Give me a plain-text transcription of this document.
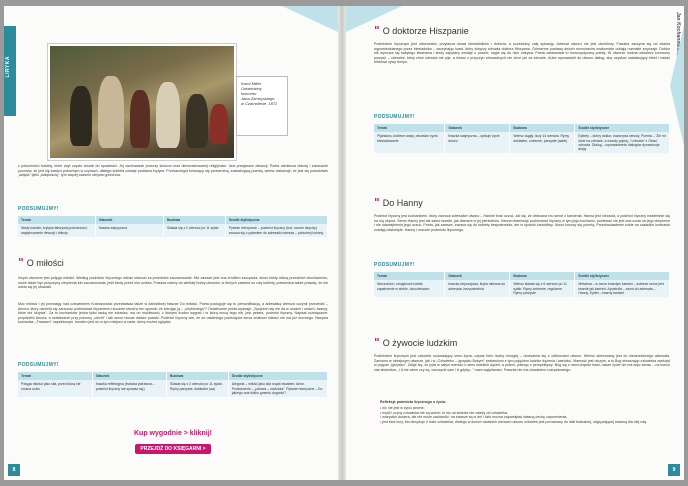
LIRYKA
Karol Miller
Odwiedziny
koncertu
Jana Zamoyskiego
w Czarnolesie, 1872

z pobożności kobiety, które zbyt często chodzi do spowiedzi. Jej zachowanie przeczy słowom oraz demonstrowanej religijności. Jest przejawem dewocji. Poeta ośmiesza obłudę i zwracanie pozorów, że jest się bardzo pobożnym w czynach, dlatego kobieta zostaje poddana krytyce. Przeszczegół kończący się przewrotną, zaskakującą puentą, wiersz wskazuje, że jest się prawdziwie „święta” tylko „świętością”, tym więcej czasem obrywa grzechów.

PODSUMUJMY!
Temat	Gatunek	Budowa	Środki stylistyczne
Wady ludzkie; krytyka fałszywej pobożności; napiętnowanie dewocji i obłudy	fraszka satyryczna	Składa się z 2 wersów po 11 sylab	Pytanie retoryczne – podmiot liryczny (tzw. mocne kłopoty) zwraca się z pytaniem do adresatki wiersza – pobożnej kobiety
" O miłości

Innym utworem jest potęga miłości. Według podmiotu lirycznego miłość stanowi za przedmiot zaczarowanie. Nie zawsze jest ona źródłem szczęścia, skoro kiedy widzą przedmiot ukochanemu, może także być przyczyną cierpienia lub zaczarowania, jeśli kiedy przed nim ucieka. Fraszka należy do wielkiej liczby utworów, w których zawiera on rolę kobiety, potwierdza także prawdę, że nie warto się jej obawiać.

Moc miłości i jej przewagę nad człowiekiem Kochanowski przedstawia także w żartobliwej fraszce Do miłości. Poeta posługuje się tu personifikacją, a adresatką wiersza uczynił przedmiot – Amora, który ośmiela się zarzucać podmiotowi lirycznemu rzucanie strzał w ten sposób, że kierując ją – „chybionego”? Ostatecznie poeta wyznaje: „Spojrzeń się nie da w oczach i ustach, twarzy; które też ukrywa”. Za to kochanków jedna tylko łaską nie zdradza, ma on możliwości, z którymi trudno wygrać i w którą mocą tego nie, jest pewna, podmiot liryczny. Napisał rozwiązanie: przydzielić Amora, a ostatecznie przy pomocy „chichi” i tak serce rzucać dalsze pociski. Podmiot liryczny wie, że do ostatniego pociśnięcia serca znakowi miłości nie ma już mocnego. Nazywa kochanka, „Frassem” napełnionym, bowiem jest on w tym miejscu w ranie, którą można oglądać.

PODSUMUJMY!
Temat	Gatunek	Budowa	Środki stylistyczne
Potęga miłości jako siła, przed którą nie można uciec	fraszka refleksyjna (fraszka potrawna – podmiot liryczny nie sprawia się)	Składa się z 2 wersów po 11 sylab. Rymy parzyste, dokładne (aa)	Alegoria – miłość jako siła rządzi światem. Amor. Powtórzenie – „polowa – ucieczka”. Pytanie retoryczne – Do jakiego ona blisko gmentu dogonić?
Kup wygodnie > kliknij!
PRZEJDŹ DO KSIĘGARNI >
8
Jan Kochanowski, Fraszki (wybór)
" O doktorze Hiszpanie

Podmiotem lirycznym jest obserwator, przytacza słowa biesiadników i doktora, a uczestnicy cały sytuację. Adresat utworu nie jest określony. Fraszka zaczyna się od zdania wypowiedzianego przez biesiadnika – zaczynając toast, który dotyczy zdrowia doktora Hiszpana. Odmienne postawy dwóch rozmówców znakomicie oddają rozmaite zwyczaje. Doktor nie wyrzuca się świętego lekarstwa i kiedy zapytany zostaje o powód, nagle się do nich odzywa. Poeta zastosował tu humorystyczną pointę. W utworze można odnaleźć komiczny pomysł: – człowiek, który chce zdrowia nie pije, a lekarz z przyczyn zdrowotnych nie chce pić za zdrowie. Autor wprowadził do utworu dialog, aby uzyskać zaskakujący efekt i nadać tekstowi żywy tempo.

PODSUMUJMY!
Temat	Gatunek	Budowa	Środki stylistyczne
Pijaństwo, kobiece wady, dworskie życie, biesiadowanie	fraszka satyryczna – opisuje życie dworu	Wiersz ciągły, liczy 14 wersów. Rymy dokładne, zmienne, parzyste (aabb)	Epitety – dobry doktor, towarzysz wesoły. Puenta – ‘Źle mi idzie na zdrowie, a wesoły pójmę, ‘l zdrowie’ z Głosu’ zdrowia. Dialog – wprowadzenie dialogów dynamizuje akcję
" Do Hanny

Podmiot liryczny jest kochankiem, który zarzuca adresatce utworu – Hannie brak uczuć, żal się, że obiecana mu serce z kamienia. Hanna jest nieczuła, a podmiot liryczny ewidentnie się na nią zżyma. Serce Hanny jest tak samo twarde, jak diament w jej pierścieniu. Hanna obserwuje podmiotowi liryczny w tym jego kochaniu, ponieważ nie jest ona czuła na jego cierpienie i nie odwzajemnia jego uczuć. Poeta, jak zawsze, zwraca się do kobiety bezpośrednio, ale w sposób żartobliwy. Utwór kończy się puentą. Przeciwstawienie sobie na zasadzie kontrastu zostają odsłonięte. Hanny i uczucie podmiotu lirycznego.

PODSUMUJMY!
Temat	Gatunek	Budowa	Środki stylistyczne
Nieczułość i obojętność kobiet, zapatrzenie w siebie, okrucieństwo	fraszka obyczajowa, liryka miłosna do adresata, bezpośrednia	Wiersz składa się z 6 wersów po 11 sylab. Rymy zmienne, regularne. Rymy parzyste	Metafora – w sercu twardym kamień – kobiece serce jest twarde jak kamień. Apostrofa – zwrot do adresata – Hanny. Epitet – twardy kamień
" O żywocie ludzkim

Podmiotem lirycznym jest człowiek rozważający sens życia, używa form liczby mnogiej – utożsamia się z odbiorcami utworu. Wiersz skierowany jest do nieokreślonego adresata. Zarówno w niniejszym utworze, jak i w „Człowieku – igrzysku Bożym” zestawiono z tym pojęciem ludzkie dążenia i wartości. Marność jest niczym, a to Bóg stwarzając człowieka zasłużył w pojęcie „igrzysko”. Zdaje się, że pyta w całym wierszu o sens ludzkich dążeń, a potem, patrząc z perspektywy: Bóg się z nami chętnie bawi, nasze życie nie ma więc sensu – na końcu zaś stwierdza, „/ A nie wiem czy są, oszczędź sam / A gdyby...” mam wątpliwości. Fraszka nie ma charakteru rozrywkowego.

Refleksje podmiotu lirycznego o życiu:

• nic nie jest w życiu pewne,
• myśli i czyny człowieka nie są wolne; to nic na świecie nie zależy od człowieka,
• wszystko dociera, ale nie może zadowolić; na zawsze są w dni i dziś można zapamiętać własną cechę zapomnienia,
• jest ktoś inny, kto decyduje o losie człowieka, dlatego w dwóch ostatnich wersach utworu człowiek jest porównany do lalki teatralnej, odgrywającej nadaną dla niej rolę.
9
